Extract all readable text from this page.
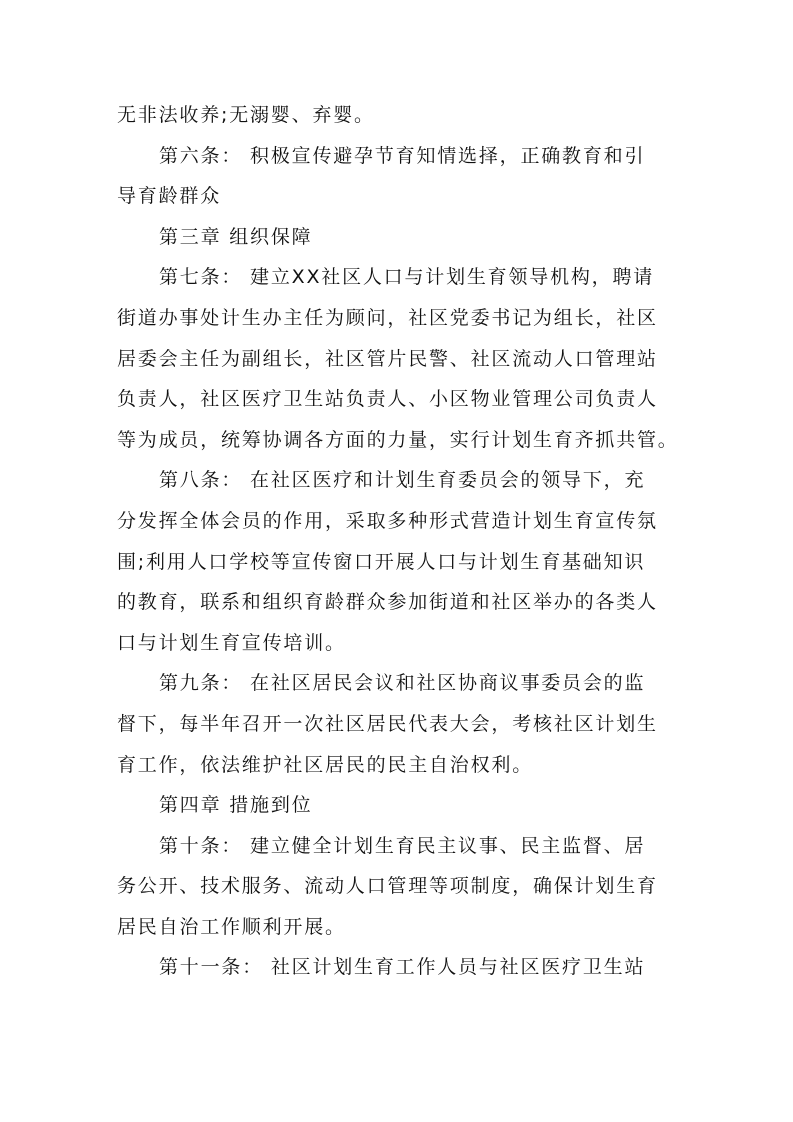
无非法收养;无溺婴、弃婴。

第六条： 积极宣传避孕节育知情选择，正确教育和引
导育龄群众

第三章 组织保障

第七条： 建立XX社区人口与计划生育领导机构，聘请
街道办事处计生办主任为顾问，社区党委书记为组长，社区
居委会主任为副组长，社区管片民警、社区流动人口管理站
负责人，社区医疗卫生站负责人、小区物业管理公司负责人
等为成员，统筹协调各方面的力量，实行计划生育齐抓共管。

第八条： 在社区医疗和计划生育委员会的领导下，充
分发挥全体会员的作用，采取多种形式营造计划生育宣传氛
围;利用人口学校等宣传窗口开展人口与计划生育基础知识
的教育，联系和组织育龄群众参加街道和社区举办的各类人
口与计划生育宣传培训。

第九条： 在社区居民会议和社区协商议事委员会的监
督下，每半年召开一次社区居民代表大会，考核社区计划生
育工作，依法维护社区居民的民主自治权利。

第四章 措施到位

第十条： 建立健全计划生育民主议事、民主监督、居
务公开、技术服务、流动人口管理等项制度，确保计划生育
居民自治工作顺利开展。

第十一条： 社区计划生育工作人员与社区医疗卫生站
